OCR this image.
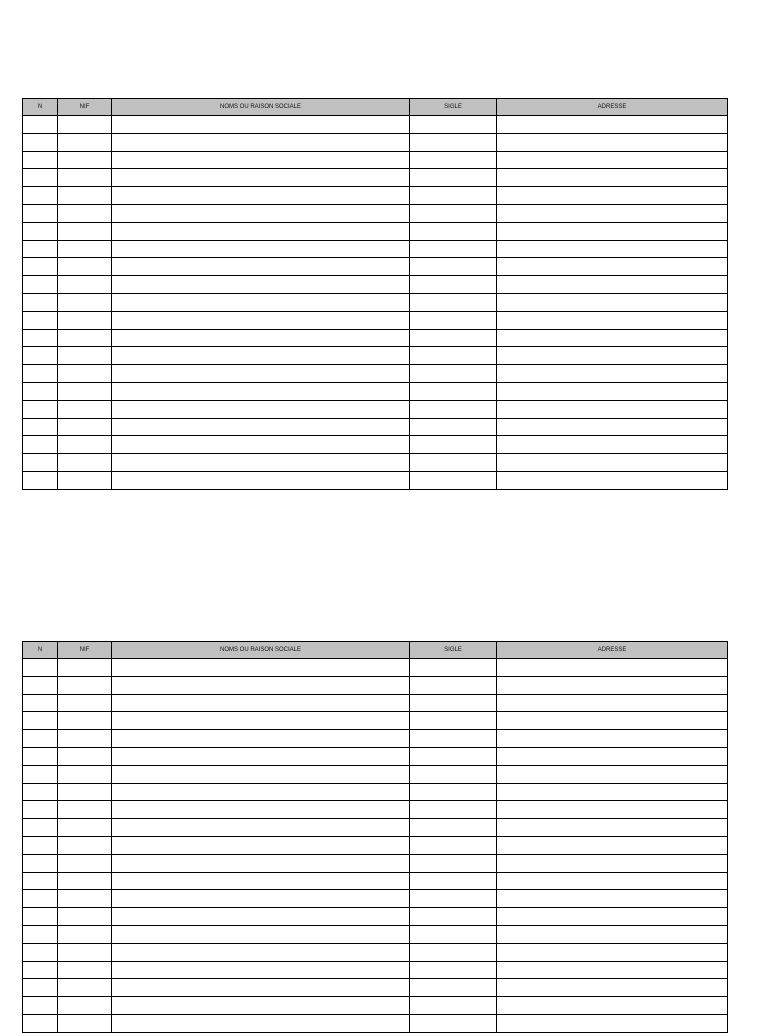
N	NIF	NOMS OU RAISON SOCIALE	SIGLE	ADRESSE

N	NIF	NOMS OU RAISON SOCIALE	SIGLE	ADRESSE
